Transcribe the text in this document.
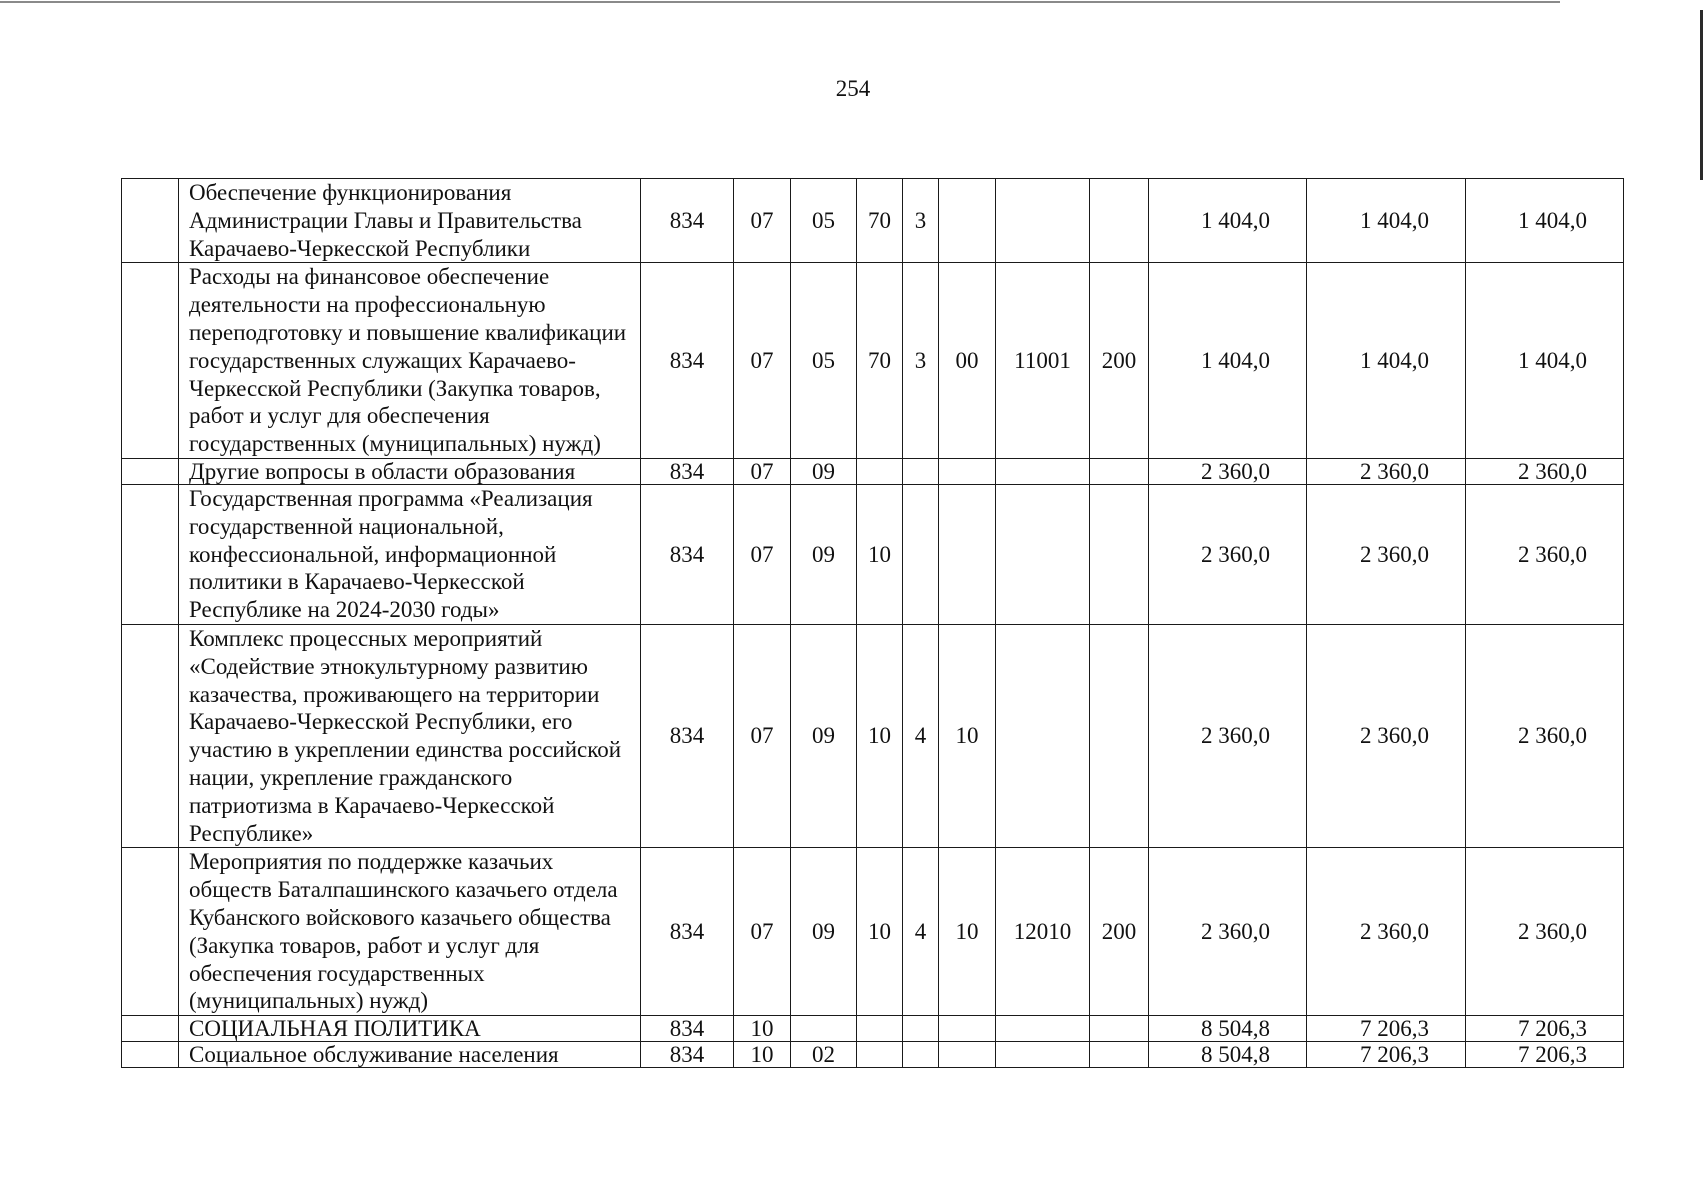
254
	Обеспечение функционирования Администрации Главы и Правительства Карачаево-Черкесской Республики	834	07	05	70	3				1 404,0	1 404,0	1 404,0
	Расходы на финансовое обеспечение деятельности на профессиональную переподготовку и повышение квалификации государственных служащих Карачаево-Черкесской Республики (Закупка товаров, работ и услуг для обеспечения государственных (муниципальных) нужд)	834	07	05	70	3	00	11001	200	1 404,0	1 404,0	1 404,0
	Другие вопросы в области образования	834	07	09						2 360,0	2 360,0	2 360,0
	Государственная программа «Реализация государственной национальной, конфессиональной, информационной политики в Карачаево-Черкесской Республике на 2024-2030 годы»	834	07	09	10					2 360,0	2 360,0	2 360,0
	Комплекс процессных мероприятий «Содействие этнокультурному развитию казачества, проживающего на территории Карачаево-Черкесской Республики, его участию в укреплении единства российской нации, укрепление гражданского патриотизма в Карачаево-Черкесской Республике»	834	07	09	10	4	10			2 360,0	2 360,0	2 360,0
	Мероприятия по поддержке казачьих обществ Баталпашинского казачьего отдела Кубанского войскового казачьего общества (Закупка товаров, работ и услуг для обеспечения государственных (муниципальных) нужд)	834	07	09	10	4	10	12010	200	2 360,0	2 360,0	2 360,0
	СОЦИАЛЬНАЯ ПОЛИТИКА	834	10							8 504,8	7 206,3	7 206,3
	Социальное обслуживание населения	834	10	02						8 504,8	7 206,3	7 206,3
